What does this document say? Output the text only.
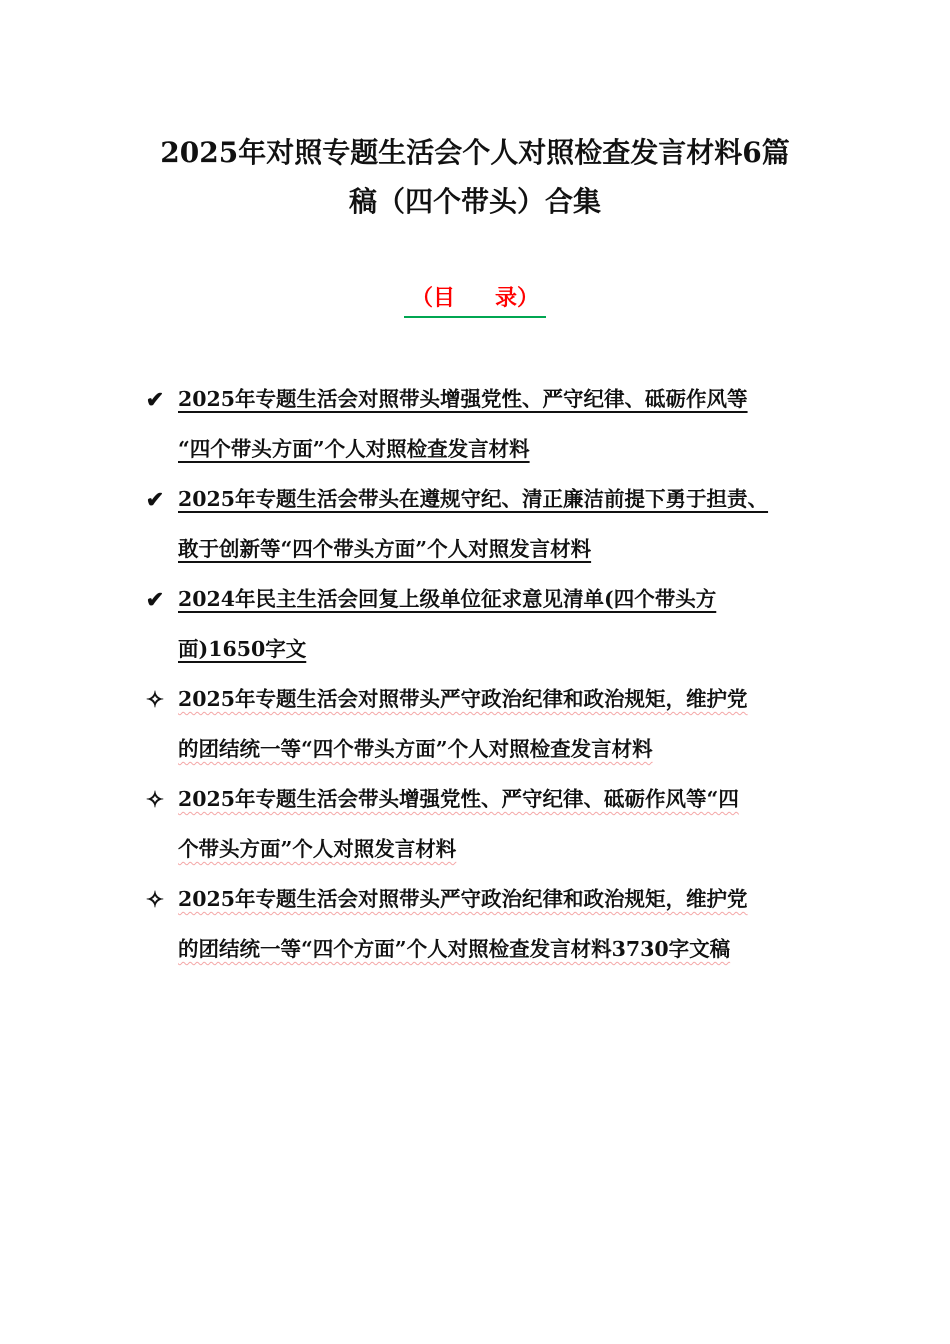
2025年对照专题生活会个人对照检查发言材料6篇
稿（四个带头）合集
（目 录）
✔ 2025年专题生活会对照带头增强党性、严守纪律、砥砺作风等
“四个带头方面”个人对照检查发言材料
✔ 2025年专题生活会带头在遵规守纪、清正廉洁前提下勇于担责、
敢于创新等“四个带头方面”个人对照发言材料
✔ 2024年民主生活会回复上级单位征求意见清单(四个带头方
面)1650字文
✧ 2025年专题生活会对照带头严守政治纪律和政治规矩，维护党
的团结统一等“四个带头方面”个人对照检查发言材料
✧ 2025年专题生活会带头增强党性、严守纪律、砥砺作风等“四
个带头方面”个人对照发言材料
✧ 2025年专题生活会对照带头严守政治纪律和政治规矩，维护党
的团结统一等“四个方面”个人对照检查发言材料3730字文稿
